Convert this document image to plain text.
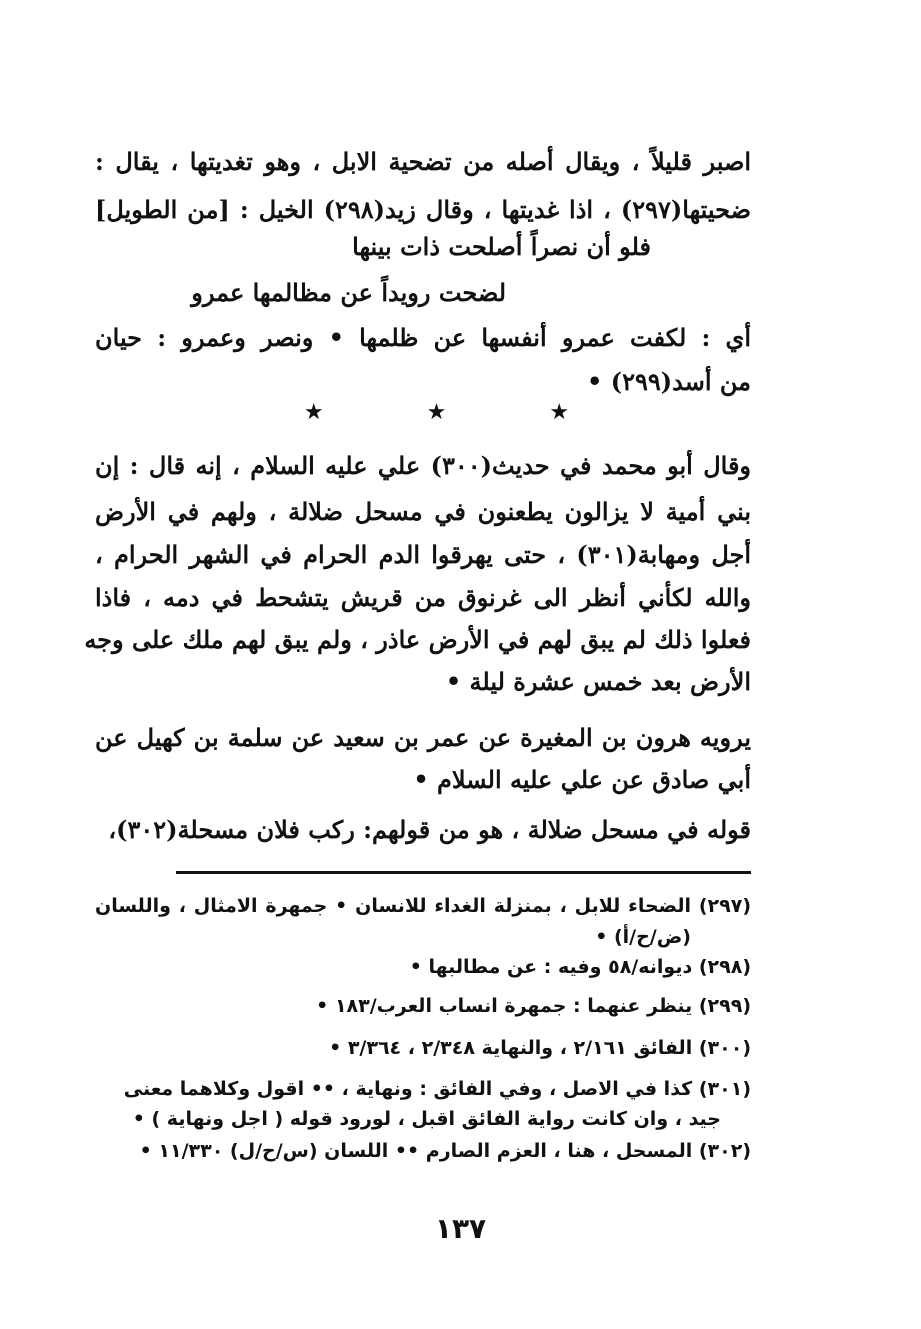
اصبر قليلاً ، ويقال أصله من تضحية الابل ، وهو تغديتها ، يقال :
ضحيتها(٢٩٧) ، اذا غديتها ، وقال زيد(٢٩٨) الخيل : [من الطويل]
فلو أن نصراً أصلحت ذات بينها
لضحت رويداً عن مظالمها عمرو
أي : لكفت عمرو أنفسها عن ظلمها • ونصر وعمرو : حيان
من أسد(٢٩٩) •
★ ★ ★
وقال أبو محمد في حديث(٣٠٠) علي عليه السلام ، إنه قال : إن
بني أمية لا يزالون يطعنون في مسحل ضلالة ، ولهم في الأرض
أجل ومهابة(٣٠١) ، حتى يهرقوا الدم الحرام في الشهر الحرام ،
والله لكأني أنظر الى غرنوق من قريش يتشحط في دمه ، فاذا
فعلوا ذلك لم يبق لهم في الأرض عاذر ، ولم يبق لهم ملك على وجه
الأرض بعد خمس عشرة ليلة •
يرويه هرون بن المغيرة عن عمر بن سعيد عن سلمة بن كهيل عن
أبي صادق عن علي عليه السلام •
قوله في مسحل ضلالة ، هو من قولهم: ركب فلان مسحلة(٣٠٢)،
(٢٩٧) الضحاء للابل ، بمنزلة الغداء للانسان • جمهرة الامثال ، واللسان
(ض/ح/أ) •
(٢٩٨) ديوانه/٥٨ وفيه : عن مطالبها •
(٢٩٩) ينظر عنهما : جمهرة انساب العرب/١٨٣ •
(٣٠٠) الفائق ٢/١٦١ ، والنهاية ٢/٣٤٨ ، ٣/٣٦٤ •
(٣٠١) كذا في الاصل ، وفي الفائق : ونهاية ، •• اقول وكلاهما معنى
جيد ، وان كانت رواية الفائق اقبل ، لورود قوله ( اجل ونهاية ) •
(٣٠٢) المسحل ، هنا ، العزم الصارم •• اللسان (س/ح/ل) ١١/٣٣٠ •
١٣٧
